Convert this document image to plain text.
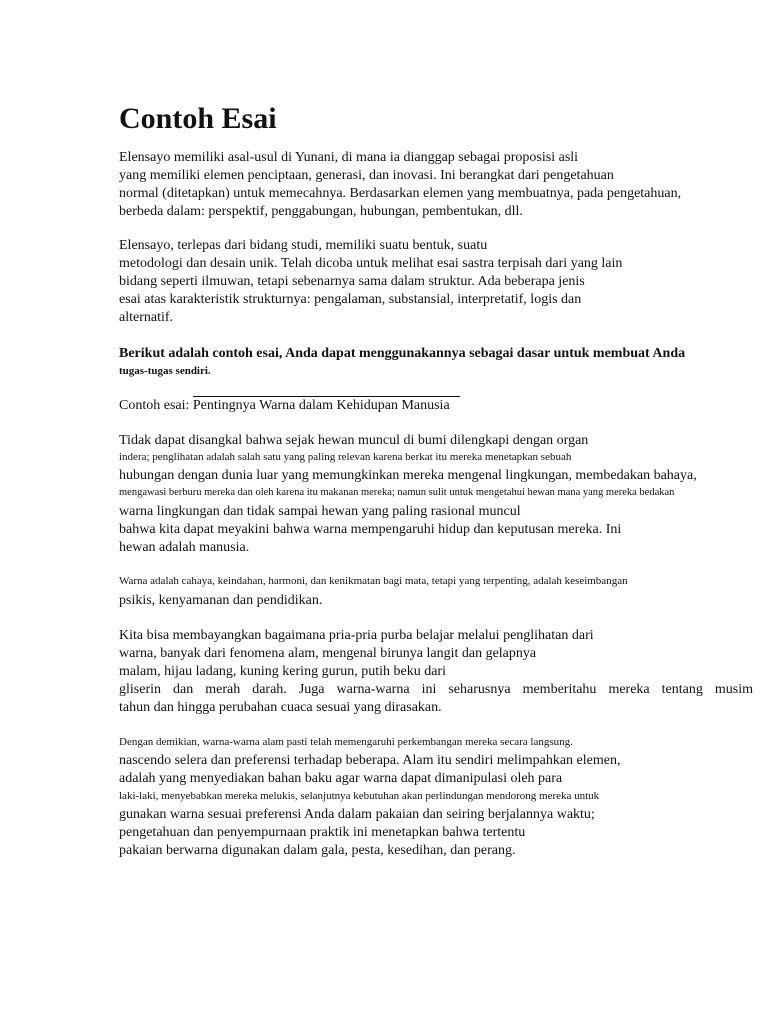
Contoh Esai

Elensayo memiliki asal-usul di Yunani, di mana ia dianggap sebagai proposisi asli

yang memiliki elemen penciptaan, generasi, dan inovasi. Ini berangkat dari pengetahuan

normal (ditetapkan) untuk memecahnya. Berdasarkan elemen yang membuatnya, pada pengetahuan,

berbeda dalam: perspektif, penggabungan, hubungan, pembentukan, dll.

Elensayo, terlepas dari bidang studi, memiliki suatu bentuk, suatu

metodologi dan desain unik. Telah dicoba untuk melihat esai sastra terpisah dari yang lain

bidang seperti ilmuwan, tetapi sebenarnya sama dalam struktur. Ada beberapa jenis

esai atas karakteristik strukturnya: pengalaman, substansial, interpretatif, logis dan

alternatif.

Berikut adalah contoh esai, Anda dapat menggunakannya sebagai dasar untuk membuat Anda

tugas-tugas sendiri.

Contoh esai: Pentingnya Warna dalam Kehidupan Manusia

Tidak dapat disangkal bahwa sejak hewan muncul di bumi dilengkapi dengan organ

indera; penglihatan adalah salah satu yang paling relevan karena berkat itu mereka menetapkan sebuah

hubungan dengan dunia luar yang memungkinkan mereka mengenal lingkungan, membedakan bahaya,

mengawasi berburu mereka dan oleh karena itu makanan mereka; namun sulit untuk mengetahui hewan mana yang mereka bedakan

warna lingkungan dan tidak sampai hewan yang paling rasional muncul

bahwa kita dapat meyakini bahwa warna mempengaruhi hidup dan keputusan mereka. Ini

hewan adalah manusia.

Warna adalah cahaya, keindahan, harmoni, dan kenikmatan bagi mata, tetapi yang terpenting, adalah keseimbangan

psikis, kenyamanan dan pendidikan.

Kita bisa membayangkan bagaimana pria-pria purba belajar melalui penglihatan dari

warna, banyak dari fenomena alam, mengenal birunya langit dan gelapnya

malam, hijau ladang, kuning kering gurun, putih beku dari

gliserin dan merah darah. Juga warna-warna ini seharusnya memberitahu mereka tentang musim

tahun dan hingga perubahan cuaca sesuai yang dirasakan.

Dengan demikian, warna-warna alam pasti telah memengaruhi perkembangan mereka secara langsung.

nascendo selera dan preferensi terhadap beberapa. Alam itu sendiri melimpahkan elemen,

adalah yang menyediakan bahan baku agar warna dapat dimanipulasi oleh para

laki-laki, menyebabkan mereka melukis, selanjutnya kebutuhan akan perlindungan mendorong mereka untuk

gunakan warna sesuai preferensi Anda dalam pakaian dan seiring berjalannya waktu;

pengetahuan dan penyempurnaan praktik ini menetapkan bahwa tertentu

pakaian berwarna digunakan dalam gala, pesta, kesedihan, dan perang.
